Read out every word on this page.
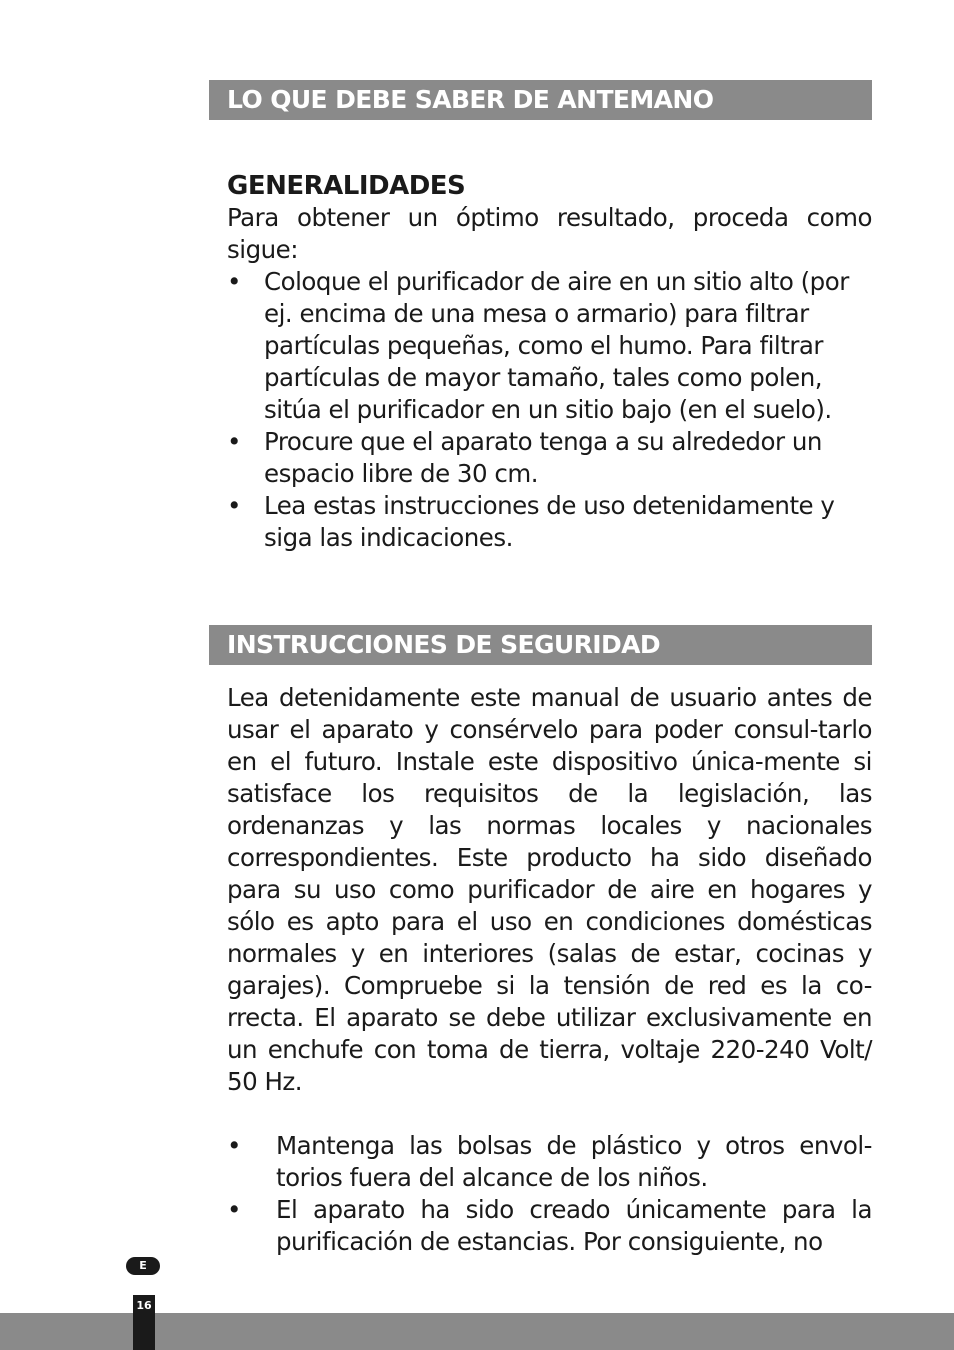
LO QUE DEBE SABER DE ANTEMANO
GENERALIDADES
Para obtener un óptimo resultado, proceda como sigue:
• Coloque el purificador de aire en un sitio alto (por ej. encima de una mesa o armario) para filtrar partículas pequeñas, como el humo. Para filtrar partículas de mayor tamaño, tales como polen, sitúa el purificador en un sitio bajo (en el suelo).
• Procure que el aparato tenga a su alrededor un espacio libre de 30 cm.
• Lea estas instrucciones de uso detenidamente y siga las indicaciones.
INSTRUCCIONES DE SEGURIDAD
Lea detenidamente este manual de usuario antes de usar el aparato y consérvelo para poder consul-tarlo en el futuro. Instale este dispositivo única-mente si satisface los requisitos de la legislación, las ordenanzas y las normas locales y nacionales correspondientes. Este producto ha sido diseñado para su uso como purificador de aire en hogares y sólo es apto para el uso en condiciones domésticas normales y en interiores (salas de estar, cocinas y garajes). Compruebe si la tensión de red es la co-rrecta. El aparato se debe utilizar exclusivamente en un enchufe con toma de tierra, voltaje 220-240 Volt/ 50 Hz.
• Mantenga las bolsas de plástico y otros envol-torios fuera del alcance de los niños.
• El aparato ha sido creado únicamente para la purificación de estancias. Por consiguiente, no
E
16
